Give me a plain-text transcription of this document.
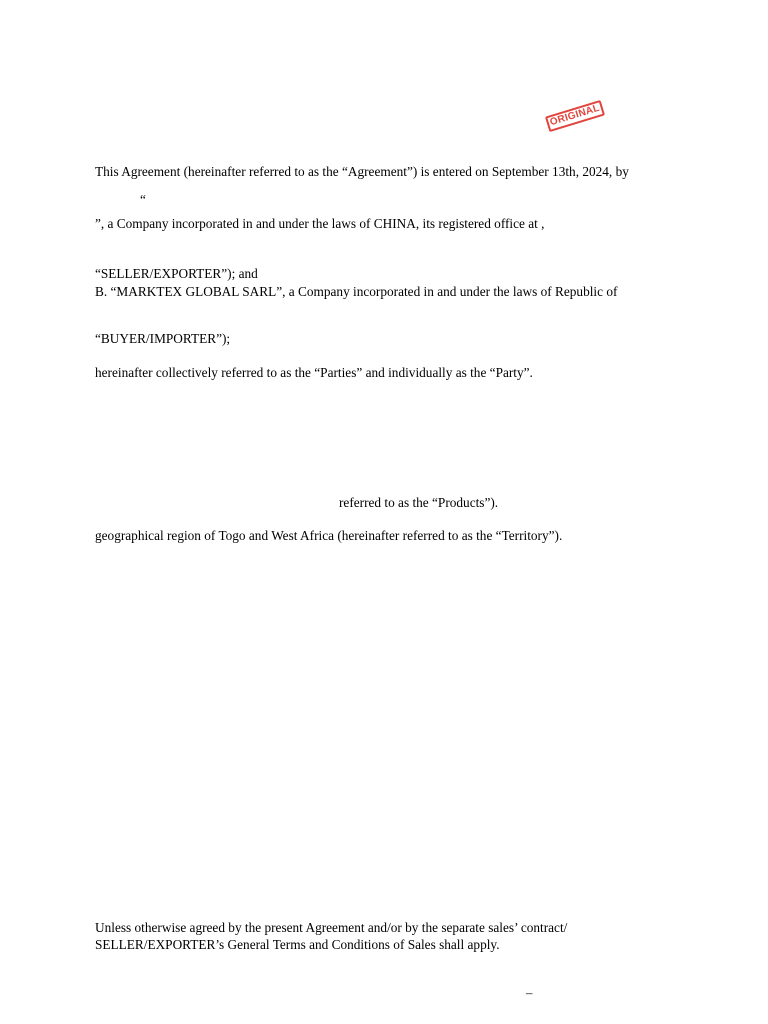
ORIGINAL
This Agreement (hereinafter referred to as the “Agreement”) is entered on September 13th, 2024, by
“
”, a Company incorporated in and under the laws of CHINA, its registered office at ,
“SELLER/EXPORTER”); and
B. “MARKTEX GLOBAL SARL”, a Company incorporated in and under the laws of Republic of
“BUYER/IMPORTER”);
hereinafter collectively referred to as the “Parties” and individually as the “Party”.
referred to as the “Products”).
geographical region of Togo and West Africa (hereinafter referred to as the “Territory”).
Unless otherwise agreed by the present Agreement and/or by the separate sales’ contract/
SELLER/EXPORTER’s General Terms and Conditions of Sales shall apply.
–
